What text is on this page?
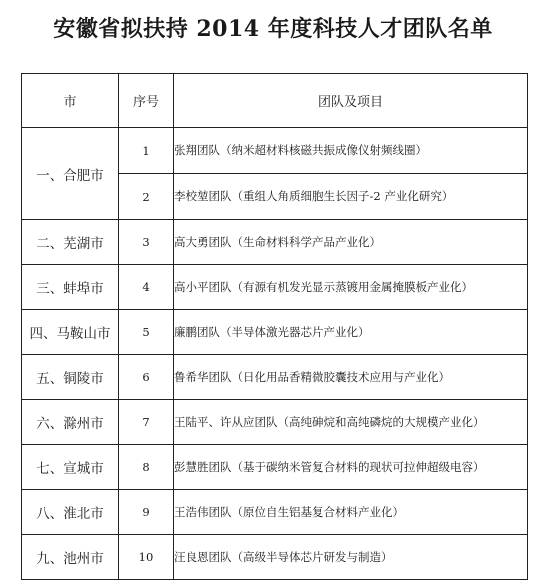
安徽省拟扶持 2014 年度科技人才团队名单
市	序号	团队及项目
一、合肥市	1	张翔团队（纳米超材料核磁共振成像仪射频线圈）
	2	李校堃团队（重组人角质细胞生长因子-2 产业化研究）
二、芜湖市	3	高大勇团队（生命材料科学产品产业化）
三、蚌埠市	4	高小平团队（有源有机发光显示蒸镀用金属掩膜板产业化）
四、马鞍山市	5	廉鹏团队（半导体激光器芯片产业化）
五、铜陵市	6	鲁希华团队（日化用品香精微胶囊技术应用与产业化）
六、滁州市	7	王陆平、许从应团队（高纯砷烷和高纯磷烷的大规模产业化）
七、宣城市	8	彭慧胜团队（基于碳纳米管复合材料的现状可拉伸超级电容）
八、淮北市	9	王浩伟团队（原位自生铝基复合材料产业化）
九、池州市	10	汪良恩团队（高级半导体芯片研发与制造）
